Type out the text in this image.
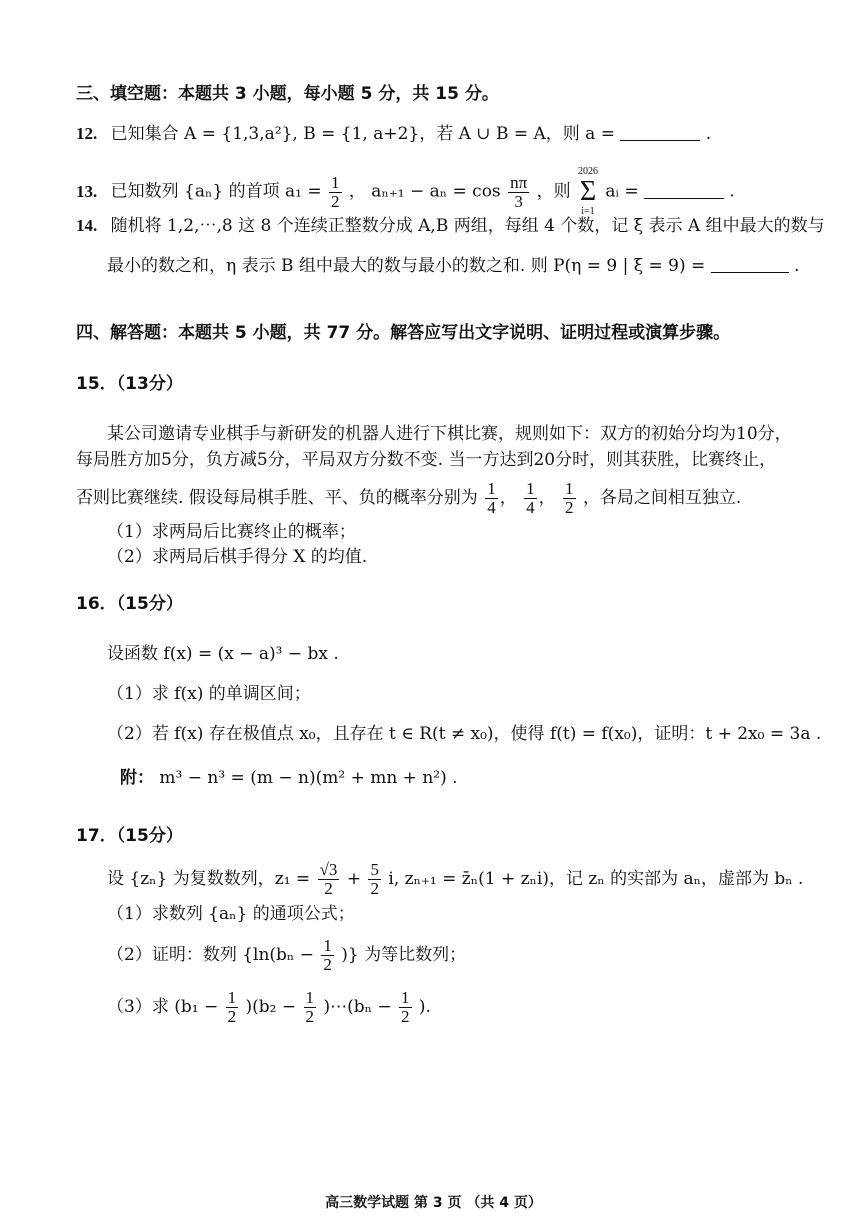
三、填空题：本题共 3 小题，每小题 5 分，共 15 分。
12. 已知集合 A = {1,3,a²}, B = {1, a+2}，若 A ∪ B = A，则 a =	.
13. 已知数列 {aₙ} 的首项 $a_1 = \frac{1}{2}$ ， $a_{n+1} - a_n = \cos \frac{n\pi}{3}$ ，则
2026
Σ
i=1
aᵢ =	.
14. 随机将 1,2,⋯,8 这 8 个连续正整数分成 A,B 两组，每组 4 个数，记 ξ 表示 A 组中最大的数与
最小的数之和，η 表示 B 组中最大的数与最小的数之和. 则 P(η = 9 | ξ = 9) =	.
四、解答题：本题共 5 小题，共 77 分。解答应写出文字说明、证明过程或演算步骤。
15．（13分）
某公司邀请专业棋手与新研发的机器人进行下棋比赛，规则如下：双方的初始分均为10分，
每局胜方加5分，负方减5分，平局双方分数不变. 当一方达到20分时，则其获胜，比赛终止，
否则比赛继续. 假设每局棋手胜、平、负的概率分别为 $\frac{1}{4}$ ， $\frac{1}{4}$ ， $\frac{1}{2}$ ，各局之间相互独立.
（1）求两局后比赛终止的概率；
（2）求两局后棋手得分 X 的均值.
16．（15分）
设函数 f(x) = (x − a)³ − bx .
（1）求 f(x) 的单调区间；
（2）若 f(x) 存在极值点 x₀，且存在 t ∈ R(t ≠ x₀)，使得 f(t) = f(x₀)，证明：t + 2x₀ = 3a .
附： m³ − n³ = (m − n)(m² + mn + n²) .
17．（15分）
设 {zₙ} 为复数数列，$z_1 = \frac{√3}{2} + \frac{5}{2} i$, zₙ₊₁ = z̄ₙ(1 + zₙi)，记 zₙ 的实部为 aₙ，虚部为 bₙ .
（1）求数列 {aₙ} 的通项公式；
（2）证明：数列 {$\ln(b_n - \frac{1}{2}$ )} 为等比数列；
（3）求 $(b_1 - \frac{1}{2} )(b_2 - \frac{1}{2}$ )⋯(bₙ − $\frac{1}{2}$ ).
高三数学试题 第 3 页 （共 4 页）
